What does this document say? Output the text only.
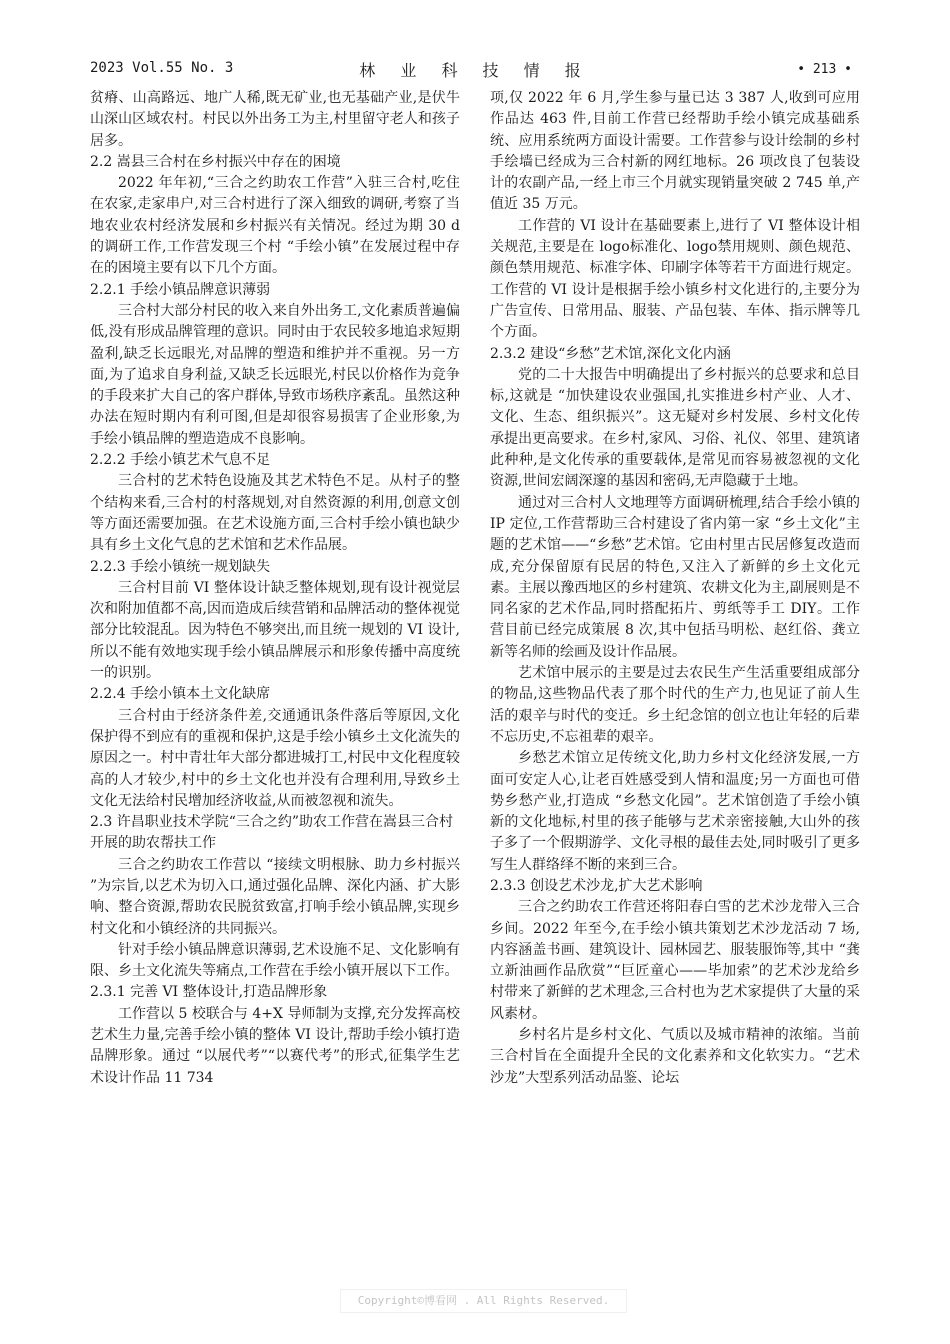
2023 Vol.55 No. 3	林 业 科 技 情 报	• 213 •

贫瘠、山高路远、地广人稀,既无矿业,也无基础产业,是伏牛山深山区域农村。村民以外出务工为主,村里留守老人和孩子居多。

2.2 嵩县三合村在乡村振兴中存在的困境

2022 年年初,“三合之约助农工作营”入驻三合村,吃住在农家,走家串户,对三合村进行了深入细致的调研,考察了当地农业农村经济发展和乡村振兴有关情况。经过为期 30 d 的调研工作,工作营发现三个村 “手绘小镇”在发展过程中存在的困境主要有以下几个方面。

2.2.1 手绘小镇品牌意识薄弱

三合村大部分村民的收入来自外出务工,文化素质普遍偏低,没有形成品牌管理的意识。同时由于农民较多地追求短期盈利,缺乏长远眼光,对品牌的塑造和维护并不重视。另一方面,为了追求自身利益,又缺乏长远眼光,村民以价格作为竞争的手段来扩大自己的客户群体,导致市场秩序紊乱。虽然这种办法在短时期内有利可图,但是却很容易损害了企业形象,为手绘小镇品牌的塑造造成不良影响。

2.2.2 手绘小镇艺术气息不足

三合村的艺术特色设施及其艺术特色不足。从村子的整个结构来看,三合村的村落规划,对自然资源的利用,创意文创等方面还需要加强。在艺术设施方面,三合村手绘小镇也缺少具有乡土文化气息的艺术馆和艺术作品展。

2.2.3 手绘小镇统一规划缺失

三合村目前 VI 整体设计缺乏整体规划,现有设计视觉层次和附加值都不高,因而造成后续营销和品牌活动的整体视觉部分比较混乱。因为特色不够突出,而且统一规划的 VI 设计,所以不能有效地实现手绘小镇品牌展示和形象传播中高度统一的识别。

2.2.4 手绘小镇本土文化缺席

三合村由于经济条件差,交通通讯条件落后等原因,文化保护得不到应有的重视和保护,这是手绘小镇乡土文化流失的原因之一。村中青壮年大部分都进城打工,村民中文化程度较高的人才较少,村中的乡土文化也并没有合理利用,导致乡土文化无法给村民增加经济收益,从而被忽视和流失。

2.3 许昌职业技术学院“三合之约”助农工作营在嵩县三合村开展的助农帮扶工作

三合之约助农工作营以 “接续文明根脉、助力乡村振兴 ”为宗旨,以艺术为切入口,通过强化品牌、深化内涵、扩大影响、整合资源,帮助农民脱贫致富,打响手绘小镇品牌,实现乡村文化和小镇经济的共同振兴。

针对手绘小镇品牌意识薄弱,艺术设施不足、文化影响有限、乡土文化流失等痛点,工作营在手绘小镇开展以下工作。

2.3.1 完善 VI 整体设计,打造品牌形象

工作营以 5 校联合与 4+X 导师制为支撑,充分发挥高校艺术生力量,完善手绘小镇的整体 VI 设计,帮助手绘小镇打造品牌形象。通过 “以展代考”“以赛代考”的形式,征集学生艺术设计作品 11 734

项,仅 2022 年 6 月,学生参与量已达 3 387 人,收到可应用作品达 463 件,目前工作营已经帮助手绘小镇完成基础系统、应用系统两方面设计需要。工作营参与设计绘制的乡村手绘墙已经成为三合村新的网红地标。26 项改良了包装设计的农副产品,一经上市三个月就实现销量突破 2 745 单,产值近 35 万元。

工作营的 VI 设计在基础要素上,进行了 VI 整体设计相关规范,主要是在 logo标准化、logo禁用规则、颜色规范、颜色禁用规范、标准字体、印刷字体等若干方面进行规定。工作营的 VI 设计是根据手绘小镇乡村文化进行的,主要分为广告宣传、日常用品、服装、产品包装、车体、指示牌等几个方面。

2.3.2 建设“乡愁”艺术馆,深化文化内涵

党的二十大报告中明确提出了乡村振兴的总要求和总目标,这就是 “加快建设农业强国,扎实推进乡村产业、人才、文化、生态、组织振兴”。这无疑对乡村发展、乡村文化传承提出更高要求。在乡村,家风、习俗、礼仪、邻里、建筑诸此种种,是文化传承的重要载体,是常见而容易被忽视的文化资源,世间宏阔深邃的基因和密码,无声隐藏于土地。

通过对三合村人文地理等方面调研梳理,结合手绘小镇的 IP 定位,工作营帮助三合村建设了省内第一家 “乡土文化”主题的艺术馆——“乡愁”艺术馆。它由村里古民居修复改造而成,充分保留原有民居的特色,又注入了新鲜的乡土文化元素。主展以豫西地区的乡村建筑、农耕文化为主,副展则是不同名家的艺术作品,同时搭配拓片、剪纸等手工 DIY。工作营目前已经完成策展 8 次,其中包括马明松、赵红俗、龚立新等名师的绘画及设计作品展。

艺术馆中展示的主要是过去农民生产生活重要组成部分的物品,这些物品代表了那个时代的生产力,也见证了前人生活的艰辛与时代的变迁。乡土纪念馆的创立也让年轻的后辈不忘历史,不忘祖辈的艰辛。

乡愁艺术馆立足传统文化,助力乡村文化经济发展,一方面可安定人心,让老百姓感受到人情和温度;另一方面也可借势乡愁产业,打造成 “乡愁文化园”。艺术馆创造了手绘小镇新的文化地标,村里的孩子能够与艺术亲密接触,大山外的孩子多了一个假期游学、文化寻根的最佳去处,同时吸引了更多写生人群络绎不断的来到三合。

2.3.3 创设艺术沙龙,扩大艺术影响

三合之约助农工作营还将阳春白雪的艺术沙龙带入三合乡间。2022 年至今,在手绘小镇共策划艺术沙龙活动 7 场,内容涵盖书画、建筑设计、园林园艺、服装服饰等,其中 “龚立新油画作品欣赏”“巨匠童心——毕加索”的艺术沙龙给乡村带来了新鲜的艺术理念,三合村也为艺术家提供了大量的采风素材。

乡村名片是乡村文化、气质以及城市精神的浓缩。当前三合村旨在全面提升全民的文化素养和文化软实力。“艺术沙龙”大型系列活动品鉴、论坛

Copyright©博看网 . All Rights Reserved.
